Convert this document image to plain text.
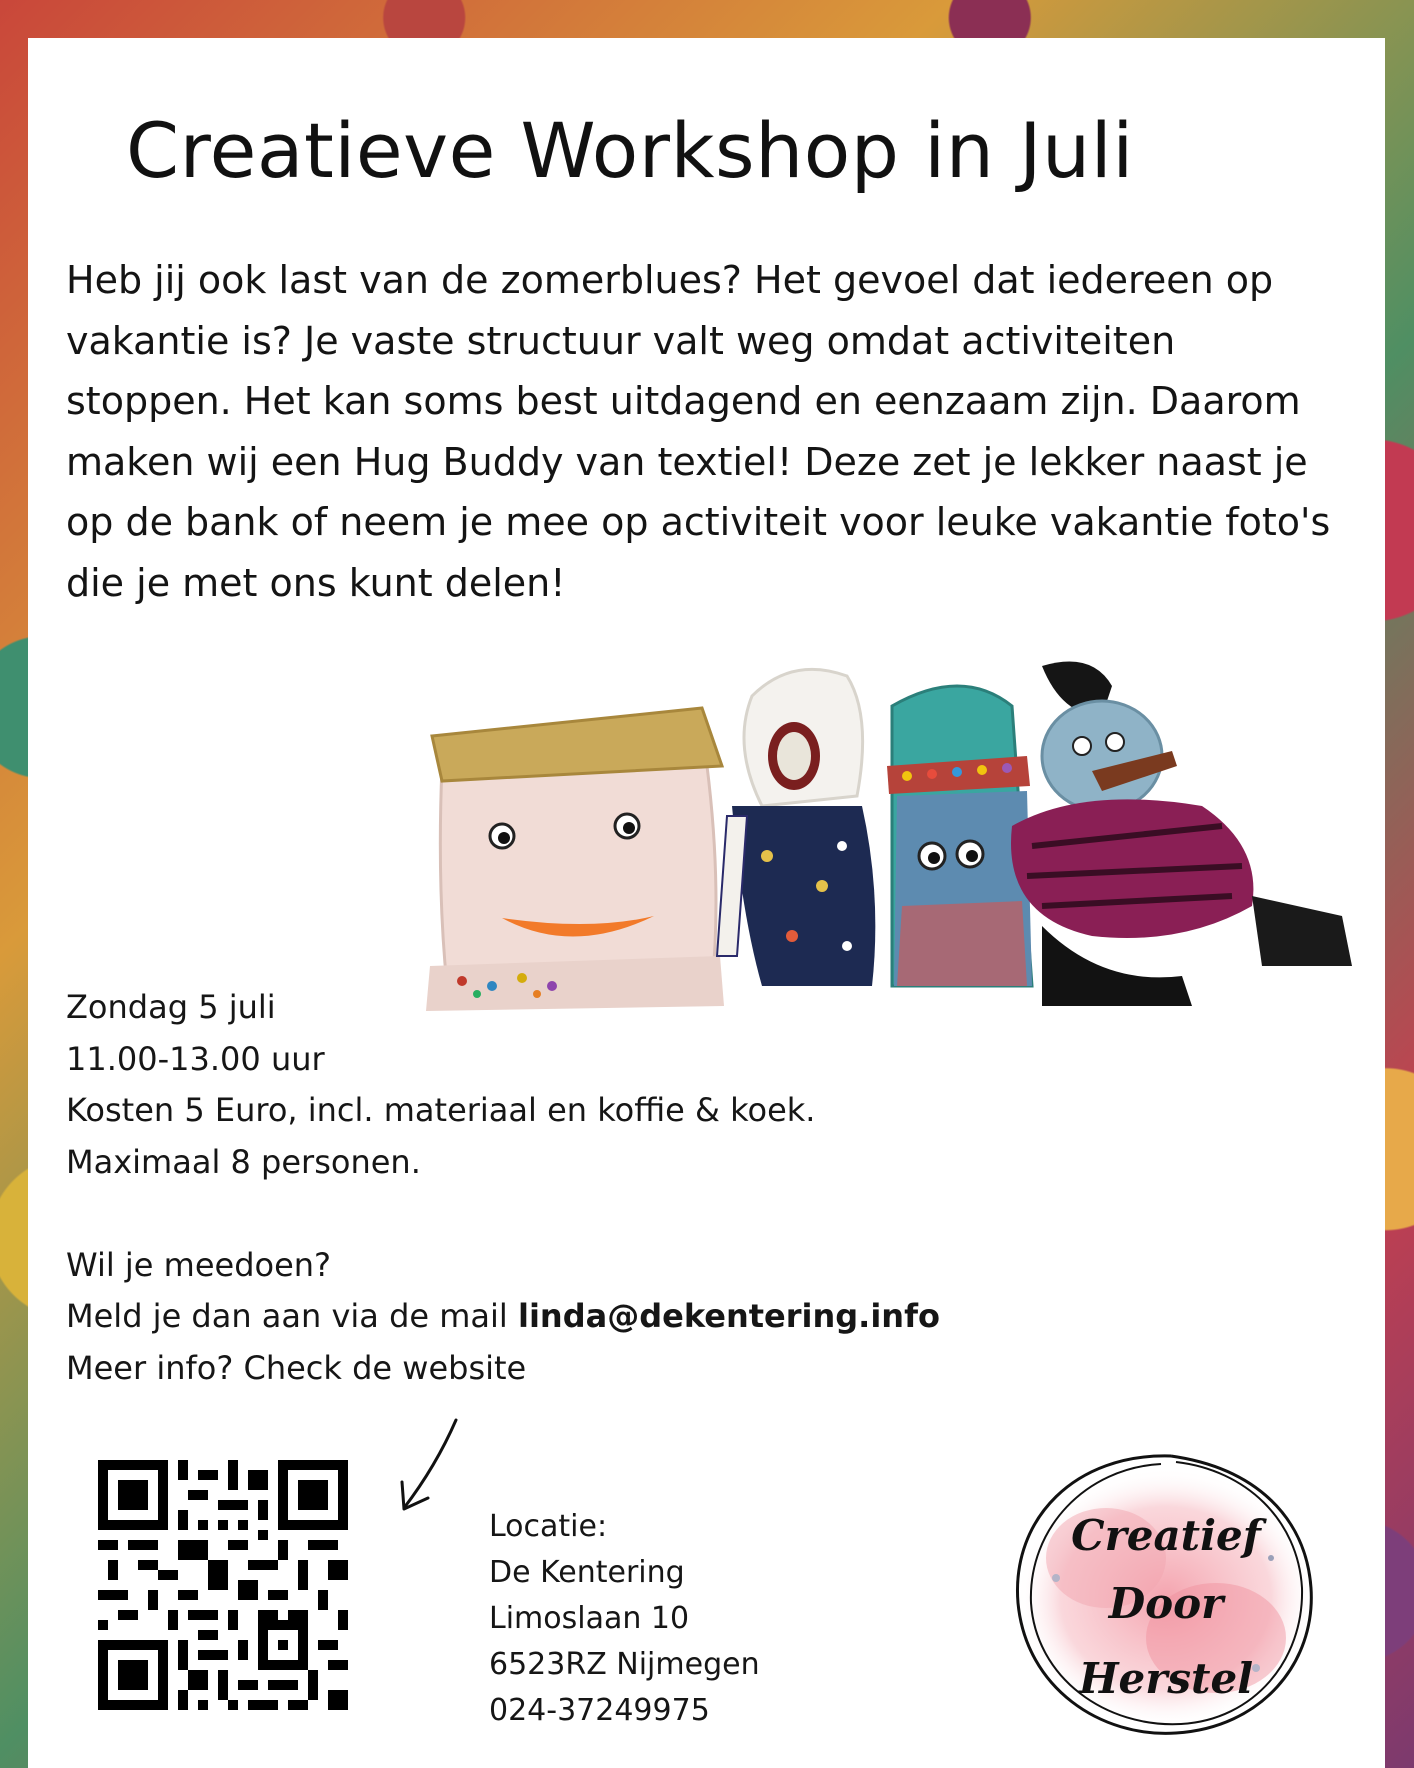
Creatieve Workshop in Juli

Heb jij ook last van de zomerblues? Het gevoel dat iedereen op vakantie is? Je vaste structuur valt weg omdat activiteiten stoppen. Het kan soms best uitdagend en eenzaam zijn. Daarom maken wij een Hug Buddy van textiel! Deze zet je lekker naast je op de bank of neem je mee op activiteit voor leuke vakantie foto's die je met ons kunt delen!

Zondag 5 juli
11.00-13.00 uur
Kosten 5 Euro, incl. materiaal en koffie & koek.
Maximaal 8 personen.
Wil je meedoen?
Meld je dan aan via de mail linda@dekentering.info
Meer info? Check de website
Locatie:
De Kentering
Limoslaan 10
6523RZ Nijmegen
024-37249975
Creatief
Door
Herstel
